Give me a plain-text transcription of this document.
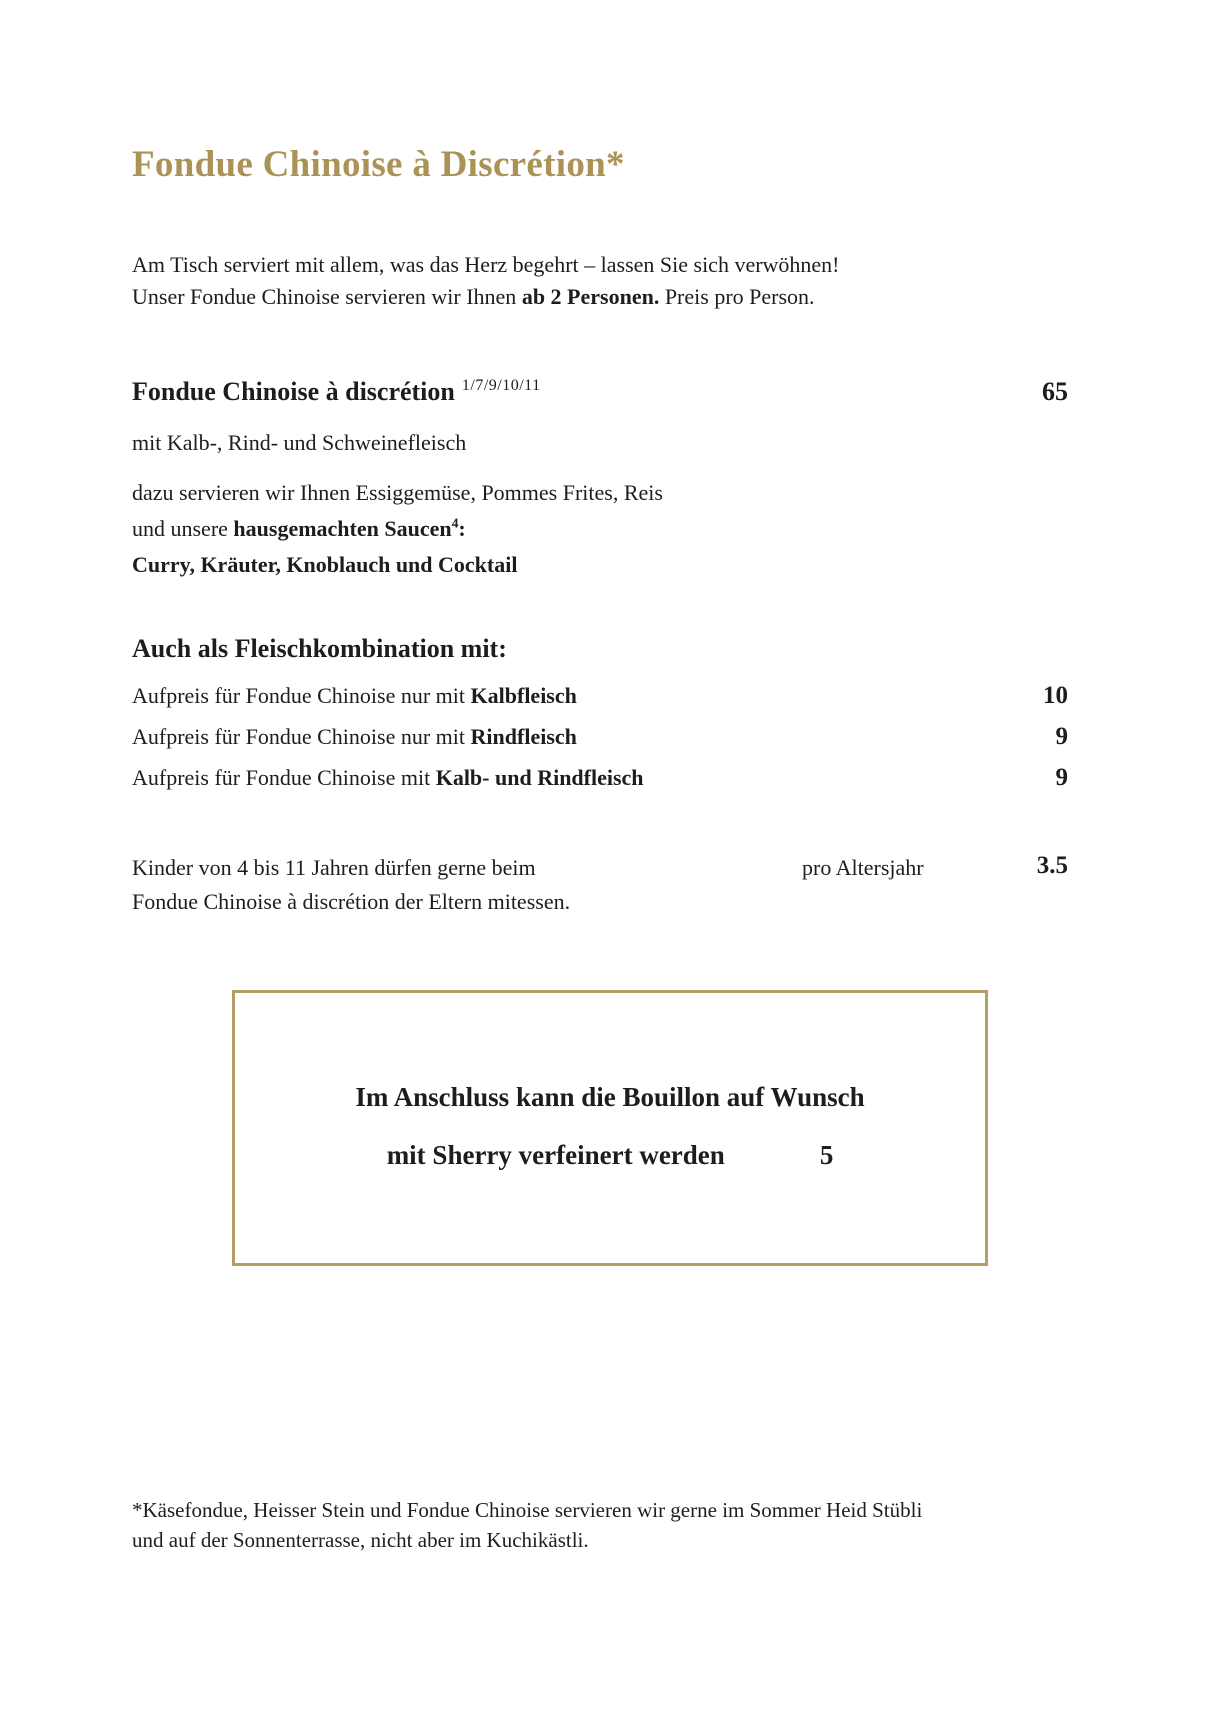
Fondue Chinoise à Discrétion*
Am Tisch serviert mit allem, was das Herz begehrt – lassen Sie sich verwöhnen!
Unser Fondue Chinoise servieren wir Ihnen ab 2 Personen. Preis pro Person.
Fondue Chinoise à discrétion $^{1/7/9/10/11}$	65

mit Kalb-, Rind- und Schweinefleisch

dazu servieren wir Ihnen Essiggemüse, Pommes Frites, Reis
und unsere hausgemachten Saucen$^4$:
Curry, Kräuter, Knoblauch und Cocktail
Auch als Fleischkombination mit:
Aufpreis für Fondue Chinoise nur mit Kalbfleisch	10
Aufpreis für Fondue Chinoise nur mit Rindfleisch	9
Aufpreis für Fondue Chinoise mit Kalb- und Rindfleisch	9
Kinder von 4 bis 11 Jahren dürfen gerne beim	pro Altersjahr	3.5
Fondue Chinoise à discrétion der Eltern mitessen.
Im Anschluss kann die Bouillon auf Wunsch
mit Sherry verfeinert werden	5
*Käsefondue, Heisser Stein und Fondue Chinoise servieren wir gerne im Sommer Heid Stübli
und auf der Sonnenterrasse, nicht aber im Kuchikästli.
